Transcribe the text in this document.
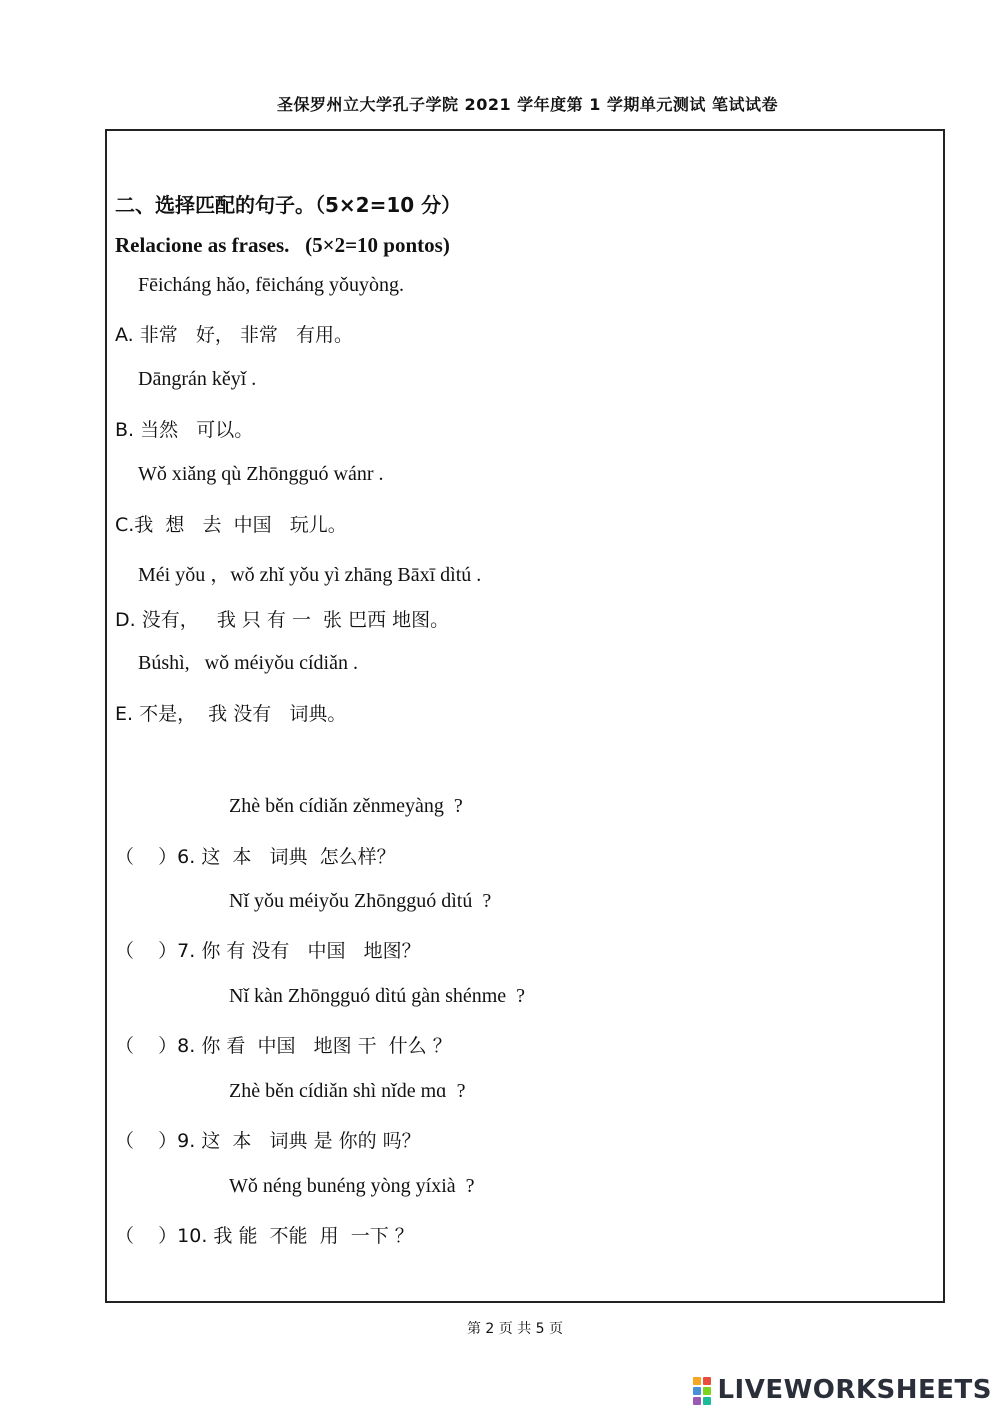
圣保罗州立大学孔子学院 2021 学年度第 1 学期单元测试 笔试试卷
二、选择匹配的句子。（5×2=10 分）
Relacione as frases.   (5×2=10 pontos)
Fēicháng hǎo, fēicháng yǒuyòng.
A. 非常   好， 非常   有用。
Dāngrán kěyǐ .
B. 当然   可以。
Wǒ xiǎng qù Zhōngguó wánr .
C.我  想   去  中国   玩儿。
Méi yǒu ，wǒ zhǐ yǒu yì zhāng Bāxī dìtú .
D. 没有，   我 只 有 一  张 巴西 地图。
Búshì,   wǒ méiyǒu cídiǎn .
E. 不是，  我 没有   词典。
Zhè běn cídiǎn zěnmeyàng  ?
（    ）6. 这  本   词典  怎么样？
Nǐ yǒu méiyǒu Zhōngguó dìtú  ?
（    ）7. 你 有 没有   中国   地图？
Nǐ kàn Zhōngguó dìtú gàn shénme  ?
（    ）8. 你 看  中国   地图 干  什么 ？
Zhè běn cídiǎn shì nǐde mɑ  ?
（    ）9. 这  本   词典 是 你的 吗？
Wǒ néng bunéng yòng yíxià  ?
（    ）10. 我 能  不能  用  一下 ？
第 2 页 共 5 页
LIVEWORKSHEETS
